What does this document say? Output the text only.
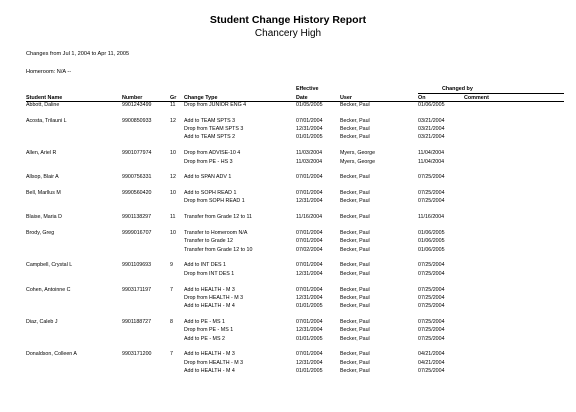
Student Change History Report
Chancery High
Changes from Jul 1, 2004 to Apr 11, 2005
Homeroom: N/A --
Effective	Changed by
Student Name	Number	Gr Change Type	Date	User	On	Comment
Abbott, Daline	9901243499	11 Drop from JUNIOR ENG 4	01/05/2005	Becker, Paul	01/06/2005
Acosta, Trilauni L	9900850933	12 Add to TEAM SPTS 3	07/01/2004	Becker, Paul	03/21/2004
Drop from TEAM SPTS 3	12/31/2004	Becker, Paul	03/21/2004
Add to TEAM SPTS 2	01/01/2005	Becker, Paul	03/21/2004
Allen, Ariel R	9901077974	10 Drop from ADVISE-10 4	11/03/2004	Myers, George	11/04/2004
Drop from PE - HS 3	11/03/2004	Myers, George	11/04/2004
Allsop, Blair A	9900756331	12 Add to SPAN ADV 1	07/01/2004	Becker, Paul	07/25/2004
Bell, Marllus M	9990560420	10 Add to SOPH READ 1	07/01/2004	Becker, Paul	07/25/2004
Drop from SOPH READ 1	12/31/2004	Becker, Paul	07/25/2004
Blaise, Maria D	9901138297	11 Transfer from Grade 12 to 11	11/16/2004	Becker, Paul	11/16/2004
Brody, Greg	9999016707	10 Transfer to Homeroom N/A	07/01/2004	Becker, Paul	01/06/2005
Transfer to Grade 12	07/01/2004	Becker, Paul	01/06/2005
Transfer from Grade 12 to 10	07/02/2004	Becker, Paul	01/06/2005
Campbell, Crystal L	9901109693	9 Add to INT DES 1	07/01/2004	Becker, Paul	07/25/2004
Drop from INT DES 1	12/31/2004	Becker, Paul	07/25/2004
Cohen, Antoinne C	9903171197	7 Add to HEALTH - M 3	07/01/2004	Becker, Paul	07/25/2004
Drop from HEALTH - M 3	12/31/2004	Becker, Paul	07/25/2004
Add to HEALTH - M 4	01/01/2005	Becker, Paul	07/25/2004
Diaz, Caleb J	9901188727	8 Add to PE - MS 1	07/01/2004	Becker, Paul	07/25/2004
Drop from PE - MS 1	12/31/2004	Becker, Paul	07/25/2004
Add to PE - MS 2	01/01/2005	Becker, Paul	07/25/2004
Donaldson, Colleen A	9903171200	7 Add to HEALTH - M 3	07/01/2004	Becker, Paul	04/21/2004
Drop from HEALTH - M 3	12/31/2004	Becker, Paul	04/21/2004
Add to HEALTH - M 4	01/01/2005	Becker, Paul	07/25/2004
